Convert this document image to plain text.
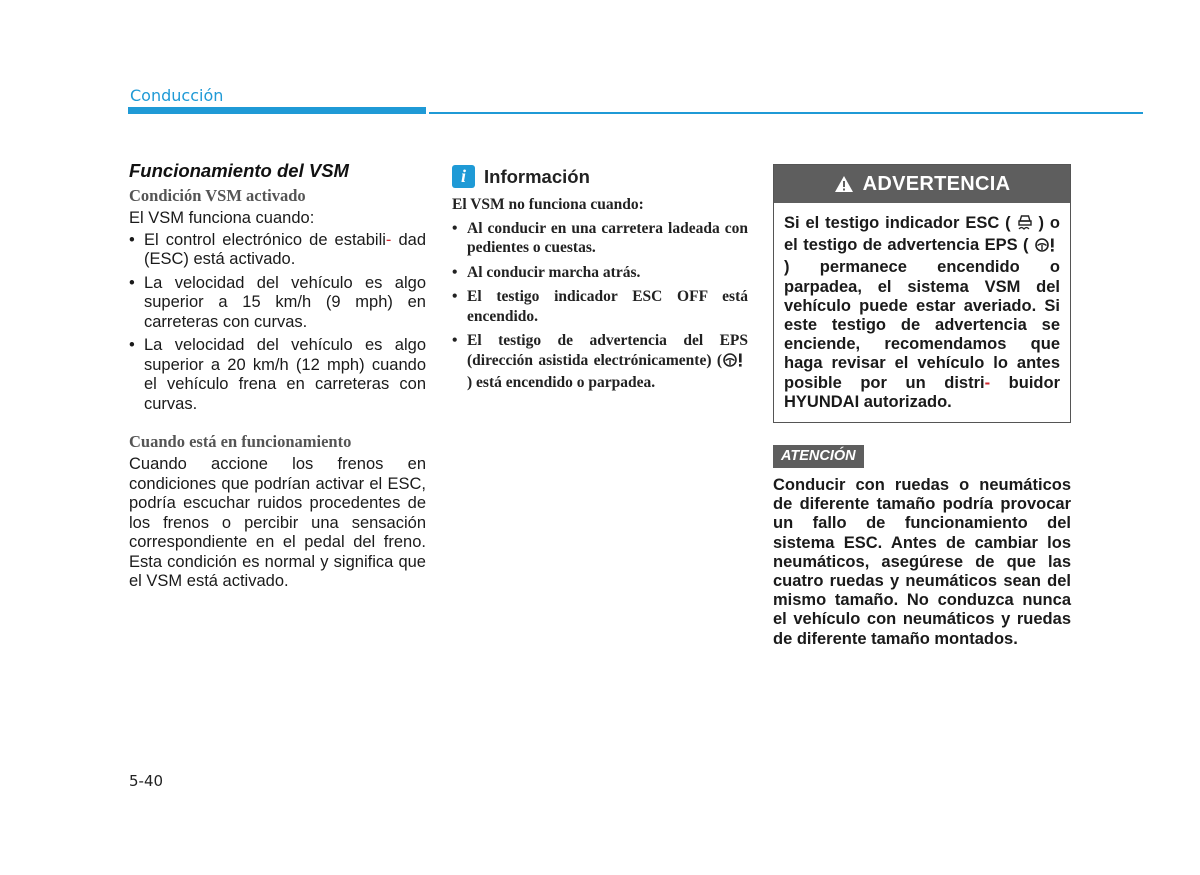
Conducción
Funcionamiento del VSM
Condición VSM activado

El VSM funciona cuando:

• El control electrónico de estabili- dad (ESC) está activado.
• La velocidad del vehículo es algo superior a 15 km/h (9 mph) en carreteras con curvas.
• La velocidad del vehículo es algo superior a 20 km/h (12 mph) cuando el vehículo frena en carreteras con curvas.
Cuando está en funcionamiento

Cuando accione los frenos en condiciones que podrían activar el ESC, podría escuchar ruidos procedentes de los frenos o percibir una sensación correspondiente en el pedal del freno. Esta condición es normal y significa que el VSM está activado.

i Información

El VSM no funciona cuando:

• Al conducir en una carretera ladeada con pedientes o cuestas.
• Al conducir marcha atrás.
• El testigo indicador ESC OFF está encendido.
• El testigo de advertencia del EPS (dirección asistida electrónicamente) () está encendido o parpadea.
ADVERTENCIA
Si el testigo indicador ESC ( ) o el testigo de advertencia EPS (  ) permanece encendido o parpadea, el sistema VSM del vehículo puede estar averiado. Si este testigo de advertencia se enciende, recomendamos que haga revisar el vehículo lo antes posible por un distri- buidor HYUNDAI autorizado.
ATENCIÓN
Conducir con ruedas o neumáticos de diferente tamaño podría provocar un fallo de funcionamiento del sistema ESC. Antes de cambiar los neumáticos, asegúrese de que las cuatro ruedas y neumáticos sean del mismo tamaño. No conduzca nunca el vehículo con neumáticos y ruedas de diferente tamaño montados.
5-40
